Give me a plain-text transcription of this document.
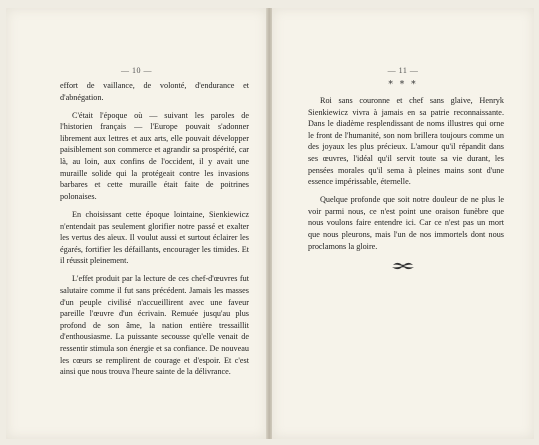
— 10 —

effort de vaillance, de volonté, d'endurance et d'abnégation.

C'était l'époque où — suivant les paroles de l'historien français — l'Europe pouvait s'adonner librement aux lettres et aux arts, elle pouvait développer paisiblement son commerce et agrandir sa prospérité, car là, au loin, aux confins de l'occident, il y avait une muraille solide qui la protégeait contre les invasions barbares et cette muraille était faite de poitrines polonaises.

En choisissant cette époque lointaine, Sienkiewicz n'entendait pas seulement glorifier notre passé et exalter les vertus des aïeux. Il voulut aussi et surtout éclairer les égarés, fortifier les défaillants, encourager les timides. Et il réussit pleinement.

L'effet produit par la lecture de ces chef-d'œuvres fut salutaire comme il fut sans précédent. Jamais les masses d'un peuple civilisé n'accueillirent avec une faveur pareille l'œuvre d'un écrivain. Remuée jusqu'au plus profond de son âme, la nation entière tressaillit d'enthousiasme. La puissante secousse qu'elle venait de ressentir stimula son énergie et sa confiance. De nouveau les cœurs se remplirent de courage et d'espoir. Et c'est ainsi que nous trouva l'heure sainte de la délivrance.

— 11 —
* * *

Roi sans couronne et chef sans glaive, Henryk Sienkiewicz vivra à jamais en sa patrie reconnaissante. Dans le diadème resplendissant de noms illustres qui orne le front de l'humanité, son nom brillera toujours comme un des joyaux les plus précieux. L'amour qu'il répandit dans ses œuvres, l'idéal qu'il servit toute sa vie durant, les pensées morales qu'il sema à pleines mains sont d'une essence impérissable, éternelle.

Quelque profonde que soit notre douleur de ne plus le voir parmi nous, ce n'est point une oraison funèbre que nous voulons faire entendre ici. Car ce n'est pas un mort que nous pleurons, mais l'un de nos immortels dont nous proclamons la gloire.
